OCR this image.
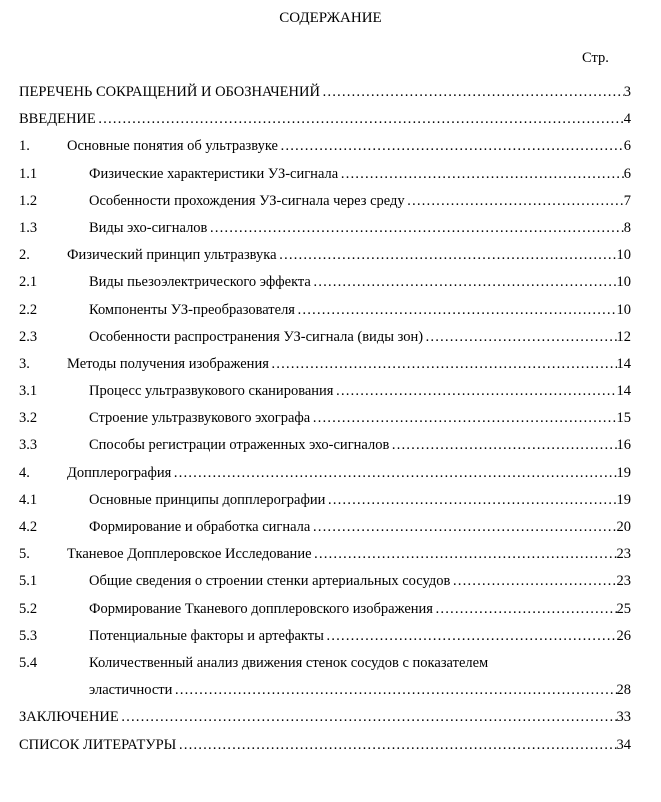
СОДЕРЖАНИЕ
Стр.
ПЕРЕЧЕНЬ СОКРАЩЕНИЙ И ОБОЗНАЧЕНИЙ …………………………………………………………………………………………………………………………………………………………………	3
ВВЕДЕНИЕ …………………………………………………………………………………………………………………………………………………………………	4
1.	Основные понятия об ультразвуке …………………………………………………………………………………………………………………………………………………………………	6
1.1	Физические характеристики УЗ-сигнала …………………………………………………………………………………………………………………………………………………………………	6
1.2	Особенности прохождения УЗ-сигнала через среду …………………………………………………………………………………………………………………………………………………………………	7
1.3	Виды эхо-сигналов …………………………………………………………………………………………………………………………………………………………………	8
2.	Физический принцип ультразвука …………………………………………………………………………………………………………………………………………………………………	10
2.1	Виды пьезоэлектрического эффекта …………………………………………………………………………………………………………………………………………………………………	10
2.2	Компоненты УЗ-преобразователя …………………………………………………………………………………………………………………………………………………………………	10
2.3	Особенности распространения УЗ-сигнала (виды зон) …………………………………………………………………………………………………………………………………………………………………	12
3.	Методы получения изображения …………………………………………………………………………………………………………………………………………………………………	14
3.1	Процесс ультразвукового сканирования …………………………………………………………………………………………………………………………………………………………………	14
3.2	Строение ультразвукового эхографа …………………………………………………………………………………………………………………………………………………………………	15
3.3	Способы регистрации отраженных эхо-сигналов …………………………………………………………………………………………………………………………………………………………………	16
4.	Допплерография …………………………………………………………………………………………………………………………………………………………………	19
4.1	Основные принципы допплерографии …………………………………………………………………………………………………………………………………………………………………	19
4.2	Формирование и обработка сигнала …………………………………………………………………………………………………………………………………………………………………	20
5.	Тканевое Допплеровское Исследование …………………………………………………………………………………………………………………………………………………………………	23
5.1	Общие сведения о строении стенки артериальных сосудов …………………………………………………………………………………………………………………………………………………………………	23
5.2	Формирование Тканевого допплеровского изображения …………………………………………………………………………………………………………………………………………………………………	25
5.3	Потенциальные факторы и артефакты …………………………………………………………………………………………………………………………………………………………………	26
5.4	Количественный анализ движения стенок сосудов с показателем
эластичности …………………………………………………………………………………………………………………………………………………………………	28
ЗАКЛЮЧЕНИЕ …………………………………………………………………………………………………………………………………………………………………	33
СПИСОК ЛИТЕРАТУРЫ …………………………………………………………………………………………………………………………………………………………………	34
